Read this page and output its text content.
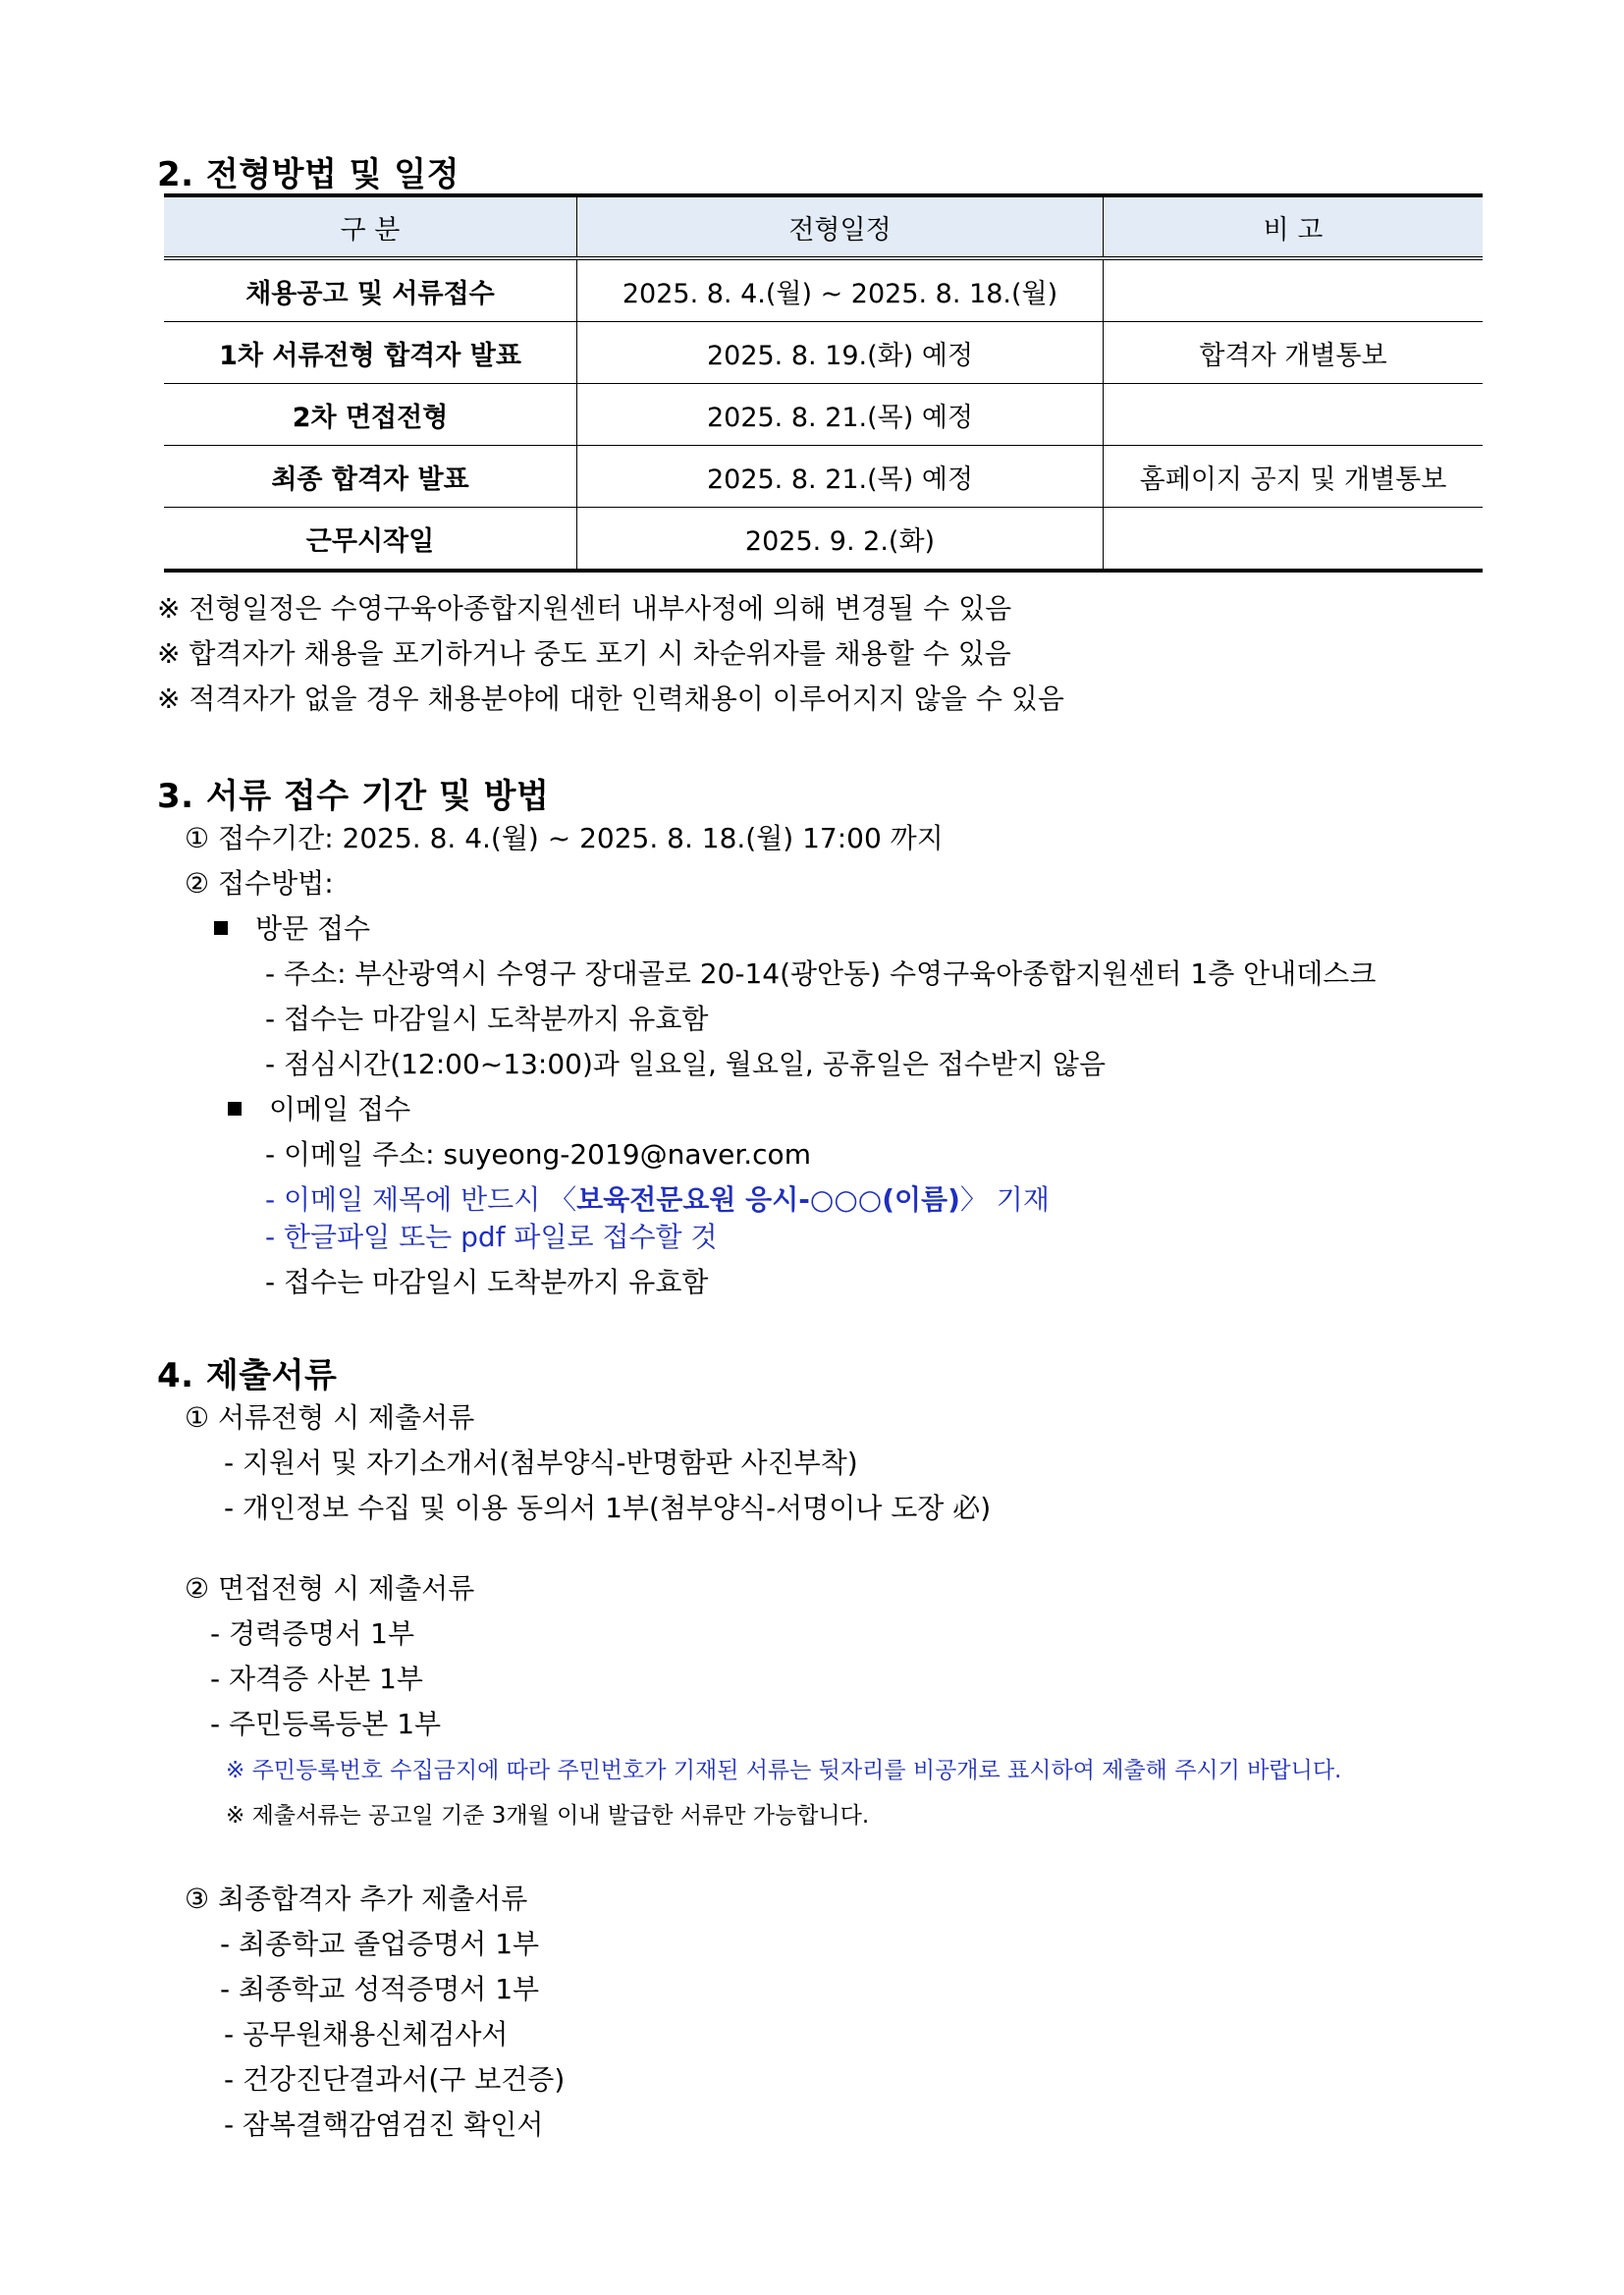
2. 전형방법 및 일정
구 분	전형일정	비 고
채용공고 및 서류접수	2025. 8. 4.(월) ~ 2025. 8. 18.(월)	
1차 서류전형 합격자 발표	2025. 8. 19.(화) 예정	합격자 개별통보
2차 면접전형	2025. 8. 21.(목) 예정	
최종 합격자 발표	2025. 8. 21.(목) 예정	홈페이지 공지 및 개별통보
근무시작일	2025. 9. 2.(화)	
※ 전형일정은 수영구육아종합지원센터 내부사정에 의해 변경될 수 있음
※ 합격자가 채용을 포기하거나 중도 포기 시 차순위자를 채용할 수 있음
※ 적격자가 없을 경우 채용분야에 대한 인력채용이 이루어지지 않을 수 있음
3. 서류 접수 기간 및 방법
① 접수기간: 2025. 8. 4.(월) ~ 2025. 8. 18.(월) 17:00 까지
② 접수방법:
방문 접수
- 주소: 부산광역시 수영구 장대골로 20-14(광안동) 수영구육아종합지원센터 1층 안내데스크
- 접수는 마감일시 도착분까지 유효함
- 점심시간(12:00~13:00)과 일요일, 월요일, 공휴일은 접수받지 않음
이메일 접수
- 이메일 주소: suyeong-2019@naver.com
- 이메일 제목에 반드시 〈보육전문요원 응시-○○○(이름)〉 기재
- 한글파일 또는 pdf 파일로 접수할 것
- 접수는 마감일시 도착분까지 유효함
4. 제출서류
① 서류전형 시 제출서류
- 지원서 및 자기소개서(첨부양식-반명함판 사진부착)
- 개인정보 수집 및 이용 동의서 1부(첨부양식-서명이나 도장 必)
② 면접전형 시 제출서류
- 경력증명서 1부
- 자격증 사본 1부
- 주민등록등본 1부
※ 주민등록번호 수집금지에 따라 주민번호가 기재된 서류는 뒷자리를 비공개로 표시하여 제출해 주시기 바랍니다.
※ 제출서류는 공고일 기준 3개월 이내 발급한 서류만 가능합니다.
③ 최종합격자 추가 제출서류
- 최종학교 졸업증명서 1부
- 최종학교 성적증명서 1부
- 공무원채용신체검사서
- 건강진단결과서(구 보건증)
- 잠복결핵감염검진 확인서
